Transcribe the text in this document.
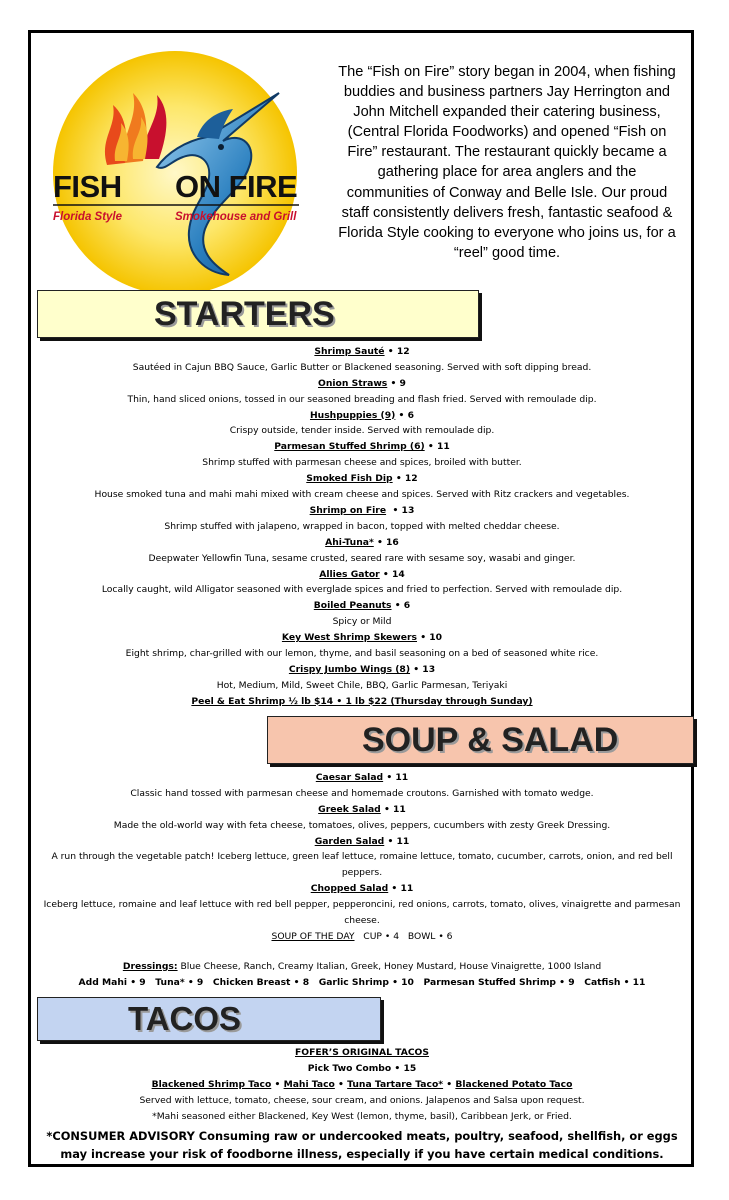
FISH ON FIRE
Florida Style	Smokehouse and Grill
The “Fish on Fire” story began in 2004, when fishing buddies and business partners Jay Herrington and John Mitchell expanded their catering business, (Central Florida Foodworks) and opened “Fish on Fire” restaurant. The restaurant quickly became a gathering place for area anglers and the communities of Conway and Belle Isle. Our proud staff consistently delivers fresh, fantastic seafood & Florida Style cooking to everyone who joins us, for a “reel” good time.
STARTERS
Shrimp Sauté • 12
Sautéed in Cajun BBQ Sauce, Garlic Butter or Blackened seasoning. Served with soft dipping bread.
Onion Straws • 9
Thin, hand sliced onions, tossed in our seasoned breading and flash fried. Served with remoulade dip.
Hushpuppies (9) • 6
Crispy outside, tender inside. Served with remoulade dip.
Parmesan Stuffed Shrimp (6) • 11
Shrimp stuffed with parmesan cheese and spices, broiled with butter.
Smoked Fish Dip • 12
House smoked tuna and mahi mahi mixed with cream cheese and spices. Served with Ritz crackers and vegetables.
Shrimp on Fire  • 13
Shrimp stuffed with jalapeno, wrapped in bacon, topped with melted cheddar cheese.
Ahi-Tuna* • 16
Deepwater Yellowfin Tuna, sesame crusted, seared rare with sesame soy, wasabi and ginger.
Allies Gator • 14
Locally caught, wild Alligator seasoned with everglade spices and fried to perfection. Served with remoulade dip.
Boiled Peanuts • 6
Spicy or Mild
Key West Shrimp Skewers • 10
Eight shrimp, char-grilled with our lemon, thyme, and basil seasoning on a bed of seasoned white rice.
Crispy Jumbo Wings (8) • 13
Hot, Medium, Mild, Sweet Chile, BBQ, Garlic Parmesan, Teriyaki
Peel & Eat Shrimp ½ lb $14 • 1 lb $22 (Thursday through Sunday)
SOUP & SALAD
Caesar Salad • 11
Classic hand tossed with parmesan cheese and homemade croutons. Garnished with tomato wedge.
Greek Salad • 11
Made the old-world way with feta cheese, tomatoes, olives, peppers, cucumbers with zesty Greek Dressing.
Garden Salad • 11
A run through the vegetable patch! Iceberg lettuce, green leaf lettuce, romaine lettuce, tomato, cucumber, carrots, onion, and red bell peppers.
Chopped Salad • 11
Iceberg lettuce, romaine and leaf lettuce with red bell pepper, pepperoncini, red onions, carrots, tomato, olives, vinaigrette and parmesan cheese.
SOUP OF THE DAY   CUP • 4   BOWL • 6
Dressings: Blue Cheese, Ranch, Creamy Italian, Greek, Honey Mustard, House Vinaigrette, 1000 Island
Add Mahi • 9   Tuna* • 9   Chicken Breast • 8   Garlic Shrimp • 10   Parmesan Stuffed Shrimp • 9   Catfish • 11
TACOS
FOFER’S ORIGINAL TACOS
Pick Two Combo • 15
Blackened Shrimp Taco • Mahi Taco • Tuna Tartare Taco* • Blackened Potato Taco
Served with lettuce, tomato, cheese, sour cream, and onions. Jalapenos and Salsa upon request.
*Mahi seasoned either Blackened, Key West (lemon, thyme, basil), Caribbean Jerk, or Fried.
*CONSUMER ADVISORY Consuming raw or undercooked meats, poultry, seafood, shellfish, or eggs may increase your risk of foodborne illness, especially if you have certain medical conditions.
